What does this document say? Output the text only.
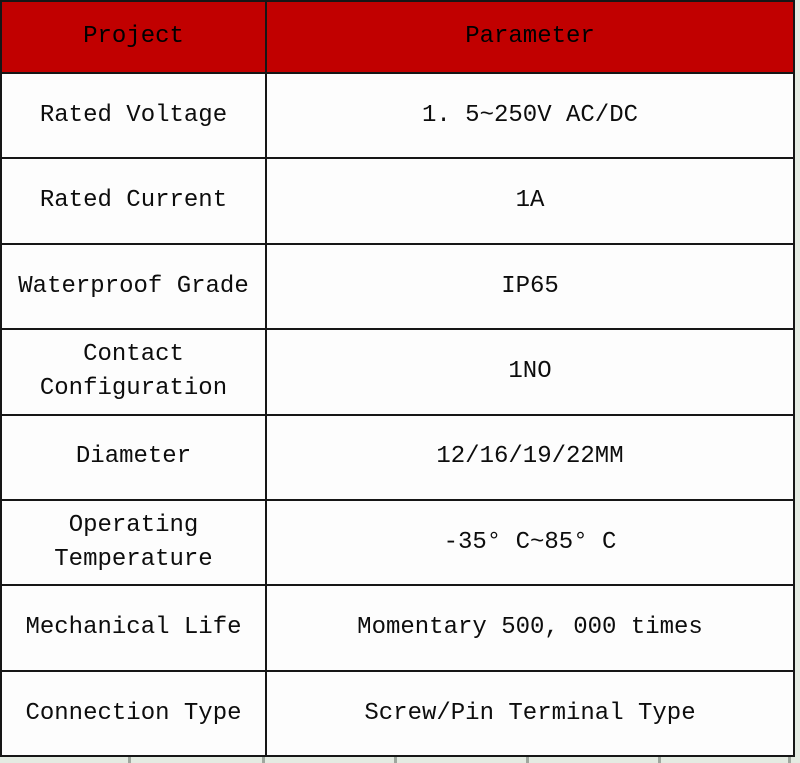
Project	Parameter
Rated Voltage	1. 5~250V AC/DC
Rated Current	1A
Waterproof Grade	IP65
Contact Configuration	1NO
Diameter	12/16/19/22MM
Operating Temperature	-35° C~85° C
Mechanical Life	Momentary 500, 000 times
Connection Type	Screw/Pin Terminal Type
